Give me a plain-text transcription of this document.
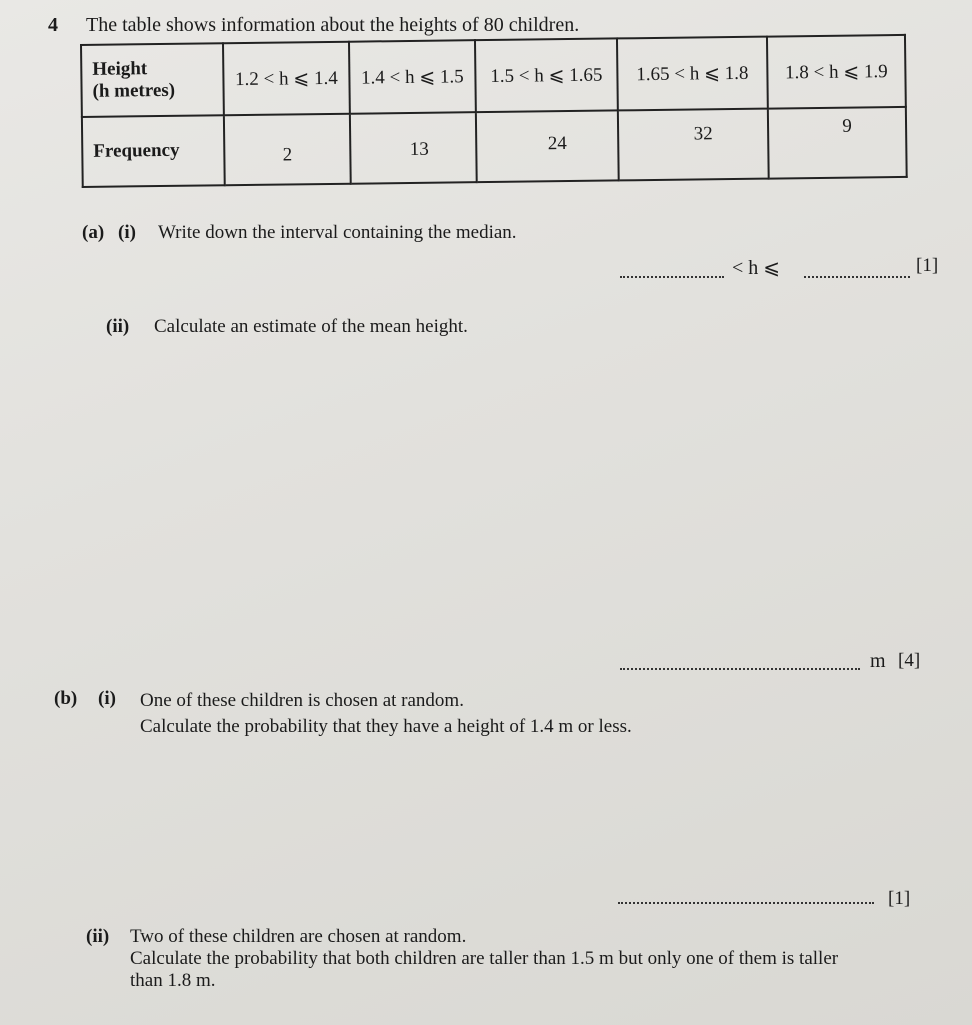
4 The table shows information about the heights of 80 children.
Height
(h metres)	1.2 < h ⩽ 1.4	1.4 < h ⩽ 1.5	1.5 < h ⩽ 1.65	1.65 < h ⩽ 1.8	1.8 < h ⩽ 1.9
Frequency	2	13	24	32	9
(a) (i) Write down the interval containing the median.
< h ⩽	[1]
(ii) Calculate an estimate of the mean height.
m [4]
(b) (i) One of these children is chosen at random.
Calculate the probability that they have a height of 1.4 m or less.
[1]
(ii) Two of these children are chosen at random.
Calculate the probability that both children are taller than 1.5 m but only one of them is taller
than 1.8 m.
